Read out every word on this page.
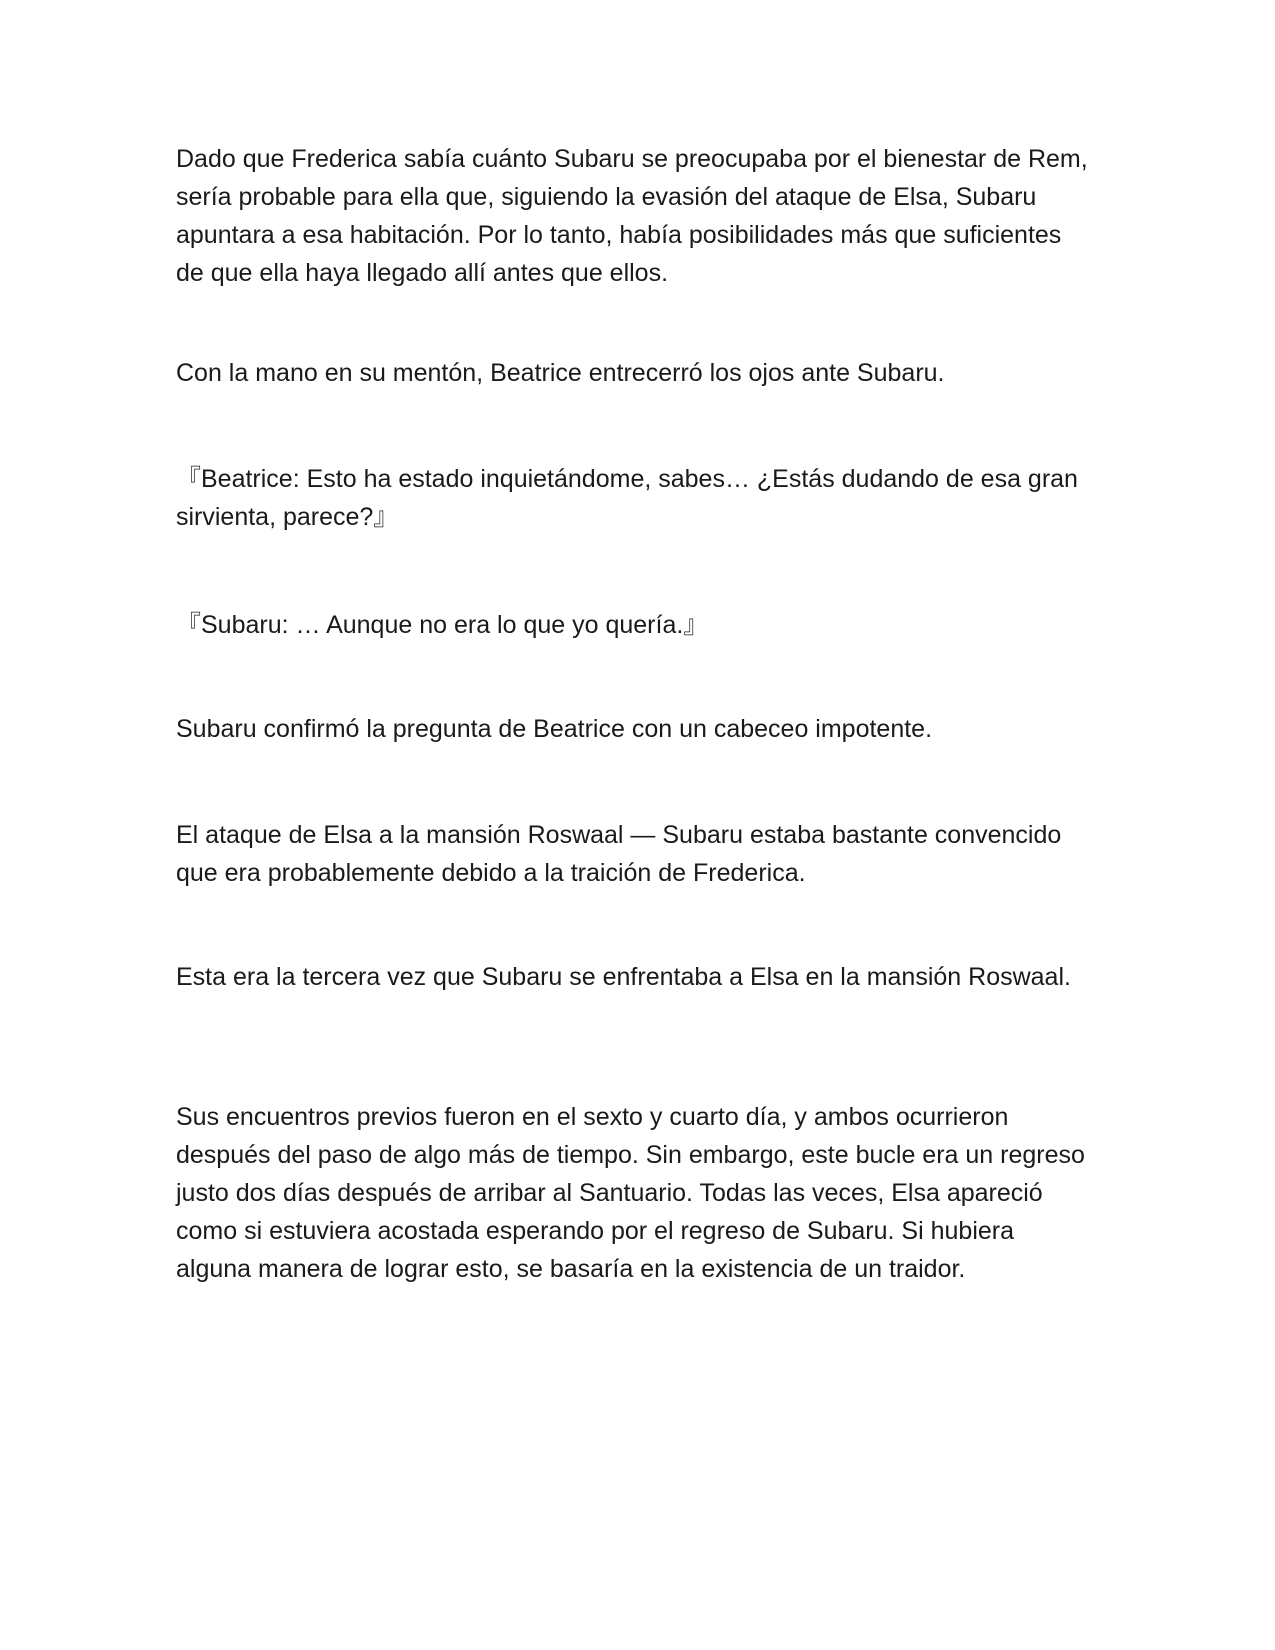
Dado que Frederica sabía cuánto Subaru se preocupaba por el bienestar de Rem, sería probable para ella que, siguiendo la evasión del ataque de Elsa, Subaru apuntara a esa habitación. Por lo tanto, había posibilidades más que suficientes de que ella haya llegado allí antes que ellos.

Con la mano en su mentón, Beatrice entrecerró los ojos ante Subaru.

『Beatrice: Esto ha estado inquietándome, sabes… ¿Estás dudando de esa gran sirvienta, parece?』

『Subaru: … Aunque no era lo que yo quería.』

Subaru confirmó la pregunta de Beatrice con un cabeceo impotente.

El ataque de Elsa a la mansión Roswaal — Subaru estaba bastante convencido que era probablemente debido a la traición de Frederica.

Esta era la tercera vez que Subaru se enfrentaba a Elsa en la mansión Roswaal.

Sus encuentros previos fueron en el sexto y cuarto día, y ambos ocurrieron después del paso de algo más de tiempo. Sin embargo, este bucle era un regreso justo dos días después de arribar al Santuario. Todas las veces, Elsa apareció como si estuviera acostada esperando por el regreso de Subaru. Si hubiera alguna manera de lograr esto, se basaría en la existencia de un traidor.
